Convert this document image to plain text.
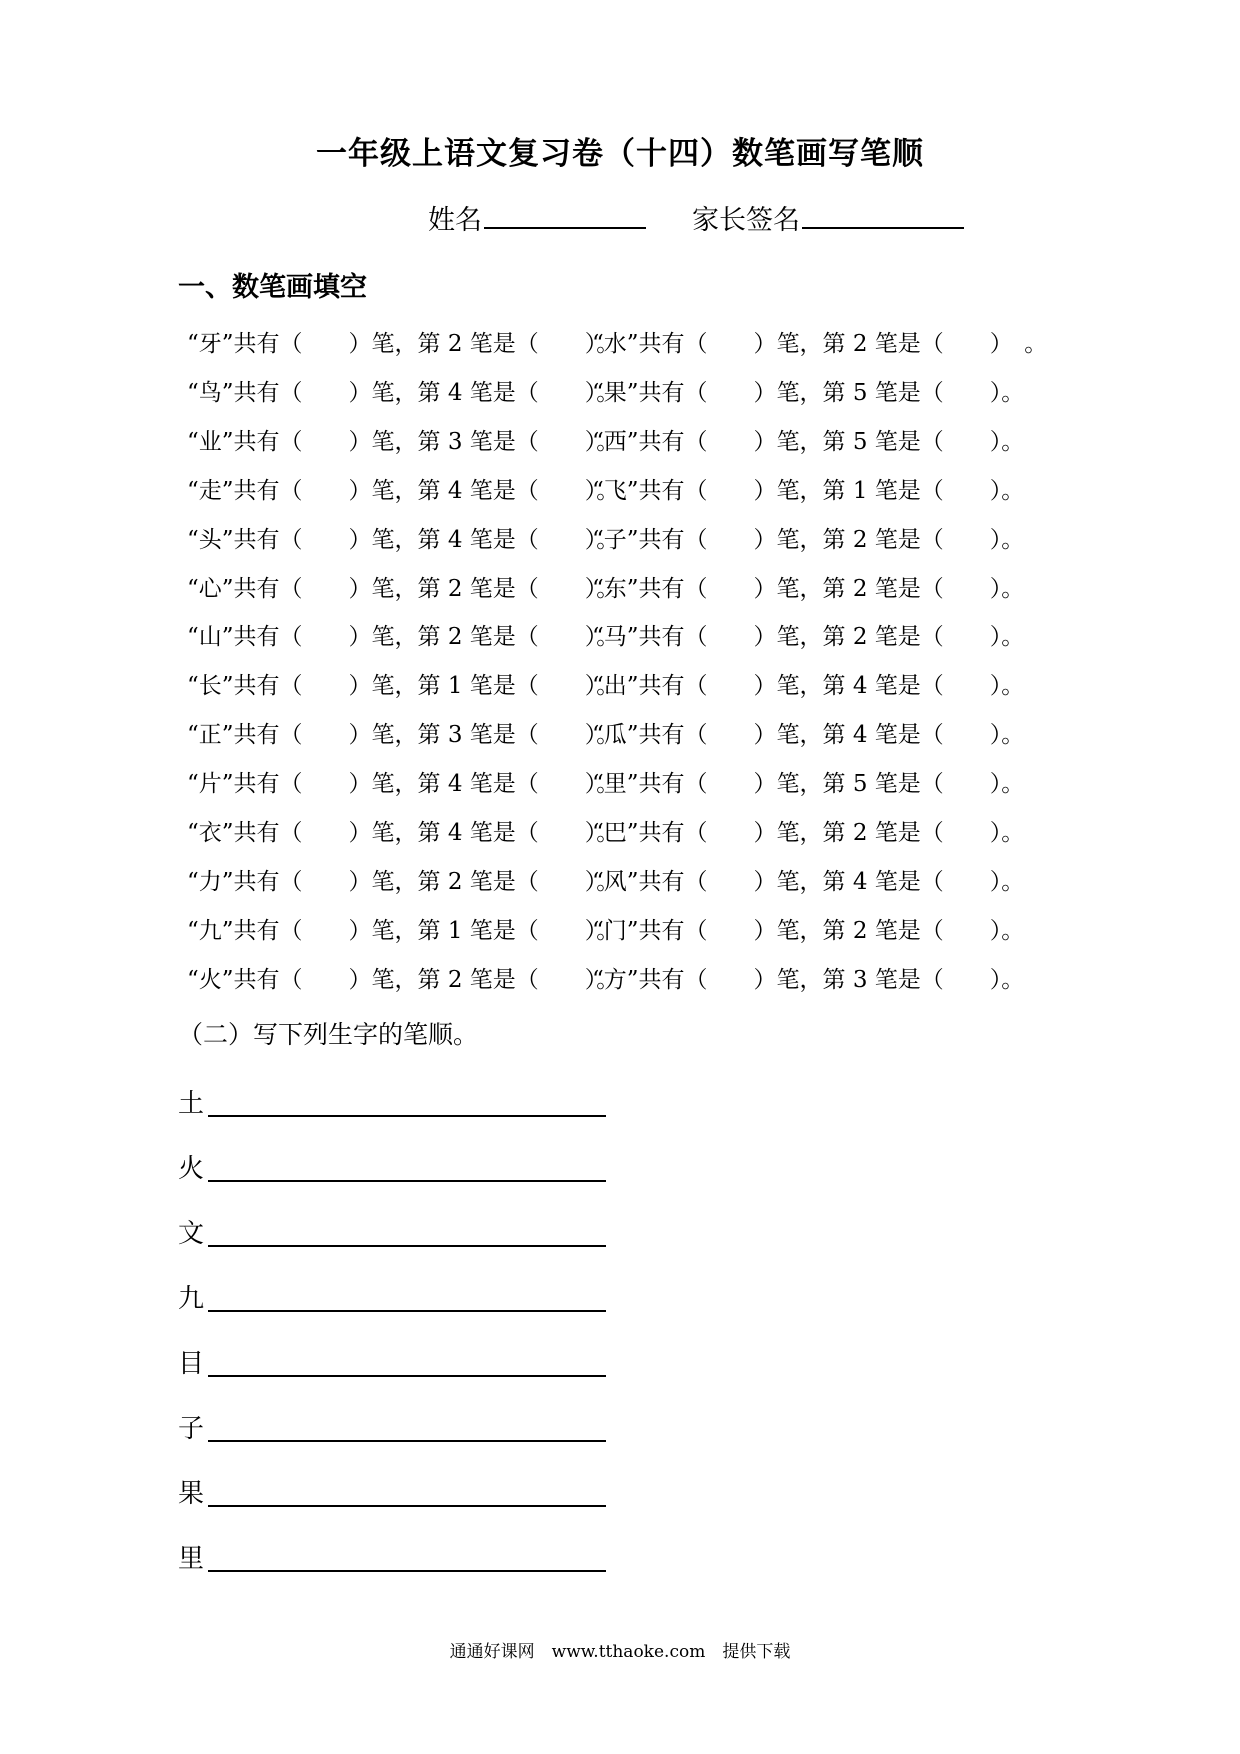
一年级上语文复习卷（十四）数笔画写笔顺
姓名	家长签名
一、数笔画填空
“牙”共有（　　）笔，第 2 笔是（　　）。
“水”共有（　　）笔，第 2 笔是（　　）　。
“鸟”共有（　　）笔，第 4 笔是（　　）。
“果”共有（　　）笔，第 5 笔是（　　）。
“业”共有（　　）笔，第 3 笔是（　　）。
“西”共有（　　）笔，第 5 笔是（　　）。
“走”共有（　　）笔，第 4 笔是（　　）。
“飞”共有（　　）笔，第 1 笔是（　　）。
“头”共有（　　）笔，第 4 笔是（　　）。
“子”共有（　　）笔，第 2 笔是（　　）。
“心”共有（　　）笔，第 2 笔是（　　）。
“东”共有（　　）笔，第 2 笔是（　　）。
“山”共有（　　）笔，第 2 笔是（　　）。
“马”共有（　　）笔，第 2 笔是（　　）。
“长”共有（　　）笔，第 1 笔是（　　）。
“出”共有（　　）笔，第 4 笔是（　　）。
“正”共有（　　）笔，第 3 笔是（　　）。
“瓜”共有（　　）笔，第 4 笔是（　　）。
“片”共有（　　）笔，第 4 笔是（　　）。
“里”共有（　　）笔，第 5 笔是（　　）。
“衣”共有（　　）笔，第 4 笔是（　　）。
“巴”共有（　　）笔，第 2 笔是（　　）。
“力”共有（　　）笔，第 2 笔是（　　）。
“风”共有（　　）笔，第 4 笔是（　　）。
“九”共有（　　）笔，第 1 笔是（　　）。
“门”共有（　　）笔，第 2 笔是（　　）。
“火”共有（　　）笔，第 2 笔是（　　）。
“方”共有（　　）笔，第 3 笔是（　　）。
（二）写下列生字的笔顺。
土
火
文
九
目
子
果
里
通通好课网　www.tthaoke.com　提供下载
